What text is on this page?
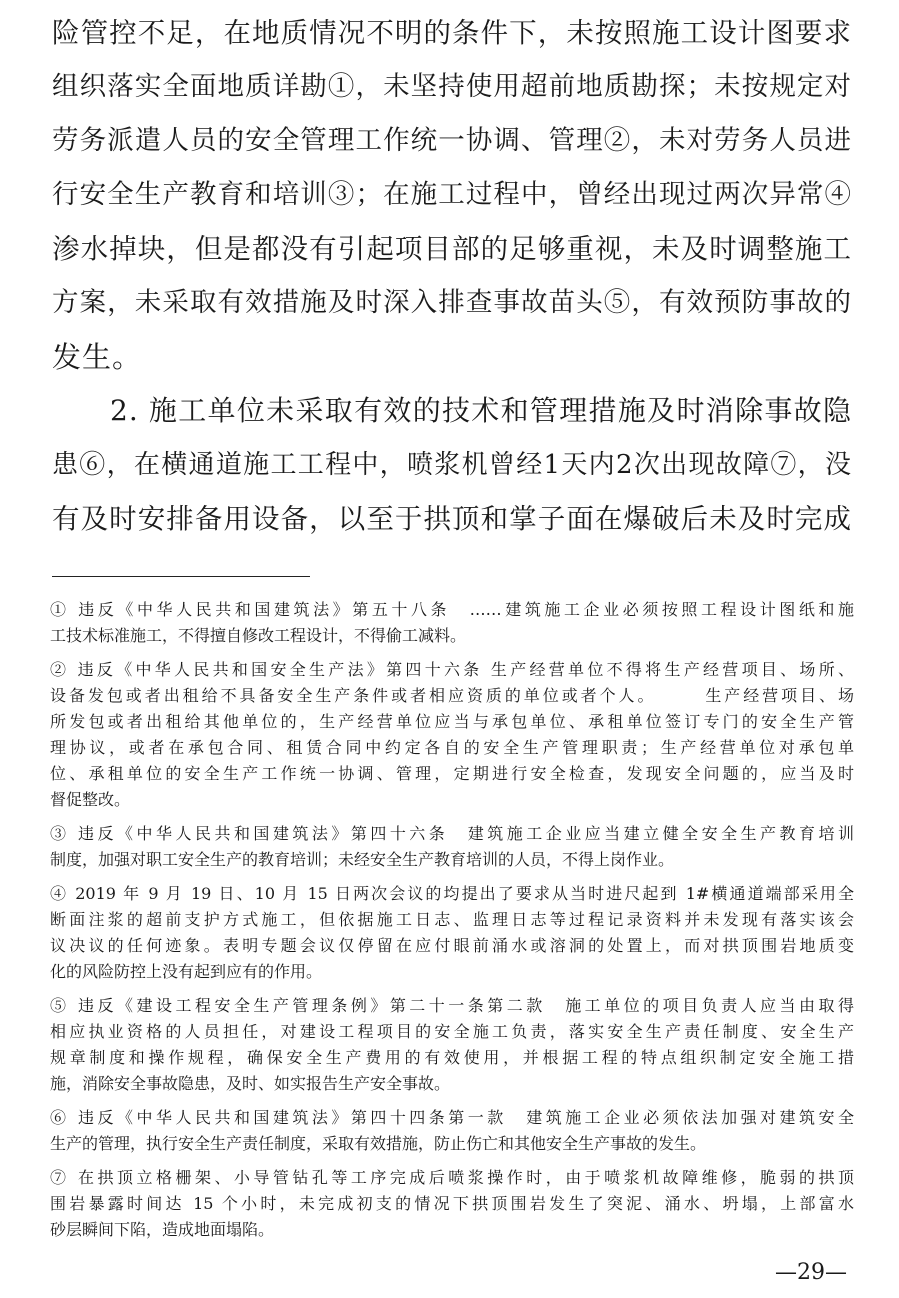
险管控不足，在地质情况不明的条件下，未按照施工设计图要求
组织落实全面地质详勘①，未坚持使用超前地质勘探；未按规定对
劳务派遣人员的安全管理工作统一协调、管理②，未对劳务人员进
行安全生产教育和培训③；在施工过程中，曾经出现过两次异常④
渗水掉块，但是都没有引起项目部的足够重视，未及时调整施工
方案，未采取有效措施及时深入排查事故苗头⑤，有效预防事故的
发生。
2. 施工单位未采取有效的技术和管理措施及时消除事故隐
患⑥，在横通道施工工程中，喷浆机曾经1天内2次出现故障⑦，没
有及时安排备用设备，以至于拱顶和掌子面在爆破后未及时完成
① 违反《中华人民共和国建筑法》第五十八条　……建筑施工企业必须按照工程设计图纸和施
工技术标准施工，不得擅自修改工程设计，不得偷工减料。
② 违反《中华人民共和国安全生产法》第四十六条 生产经营单位不得将生产经营项目、场所、
设备发包或者出租给不具备安全生产条件或者相应资质的单位或者个人。　　　生产经营项目、场
所发包或者出租给其他单位的，生产经营单位应当与承包单位、承租单位签订专门的安全生产管
理协议，或者在承包合同、租赁合同中约定各自的安全生产管理职责；生产经营单位对承包单
位、承租单位的安全生产工作统一协调、管理，定期进行安全检查，发现安全问题的，应当及时
督促整改。
③ 违反《中华人民共和国建筑法》第四十六条　建筑施工企业应当建立健全安全生产教育培训
制度，加强对职工安全生产的教育培训；未经安全生产教育培训的人员，不得上岗作业。
④ 2019 年 9 月 19 日、10 月 15 日两次会议的均提出了要求从当时进尺起到 1#横通道端部采用全
断面注浆的超前支护方式施工，但依据施工日志、监理日志等过程记录资料并未发现有落实该会
议决议的任何迹象。表明专题会议仅停留在应付眼前涌水或溶洞的处置上，而对拱顶围岩地质变
化的风险防控上没有起到应有的作用。
⑤ 违反《建设工程安全生产管理条例》第二十一条第二款　施工单位的项目负责人应当由取得
相应执业资格的人员担任，对建设工程项目的安全施工负责，落实安全生产责任制度、安全生产
规章制度和操作规程，确保安全生产费用的有效使用，并根据工程的特点组织制定安全施工措
施，消除安全事故隐患，及时、如实报告生产安全事故。
⑥ 违反《中华人民共和国建筑法》第四十四条第一款　建筑施工企业必须依法加强对建筑安全
生产的管理，执行安全生产责任制度，采取有效措施，防止伤亡和其他安全生产事故的发生。
⑦ 在拱顶立格栅架、小导管钻孔等工序完成后喷浆操作时，由于喷浆机故障维修，脆弱的拱顶
围岩暴露时间达 15 个小时，未完成初支的情况下拱顶围岩发生了突泥、涌水、坍塌，上部富水
砂层瞬间下陷，造成地面塌陷。
—29—
